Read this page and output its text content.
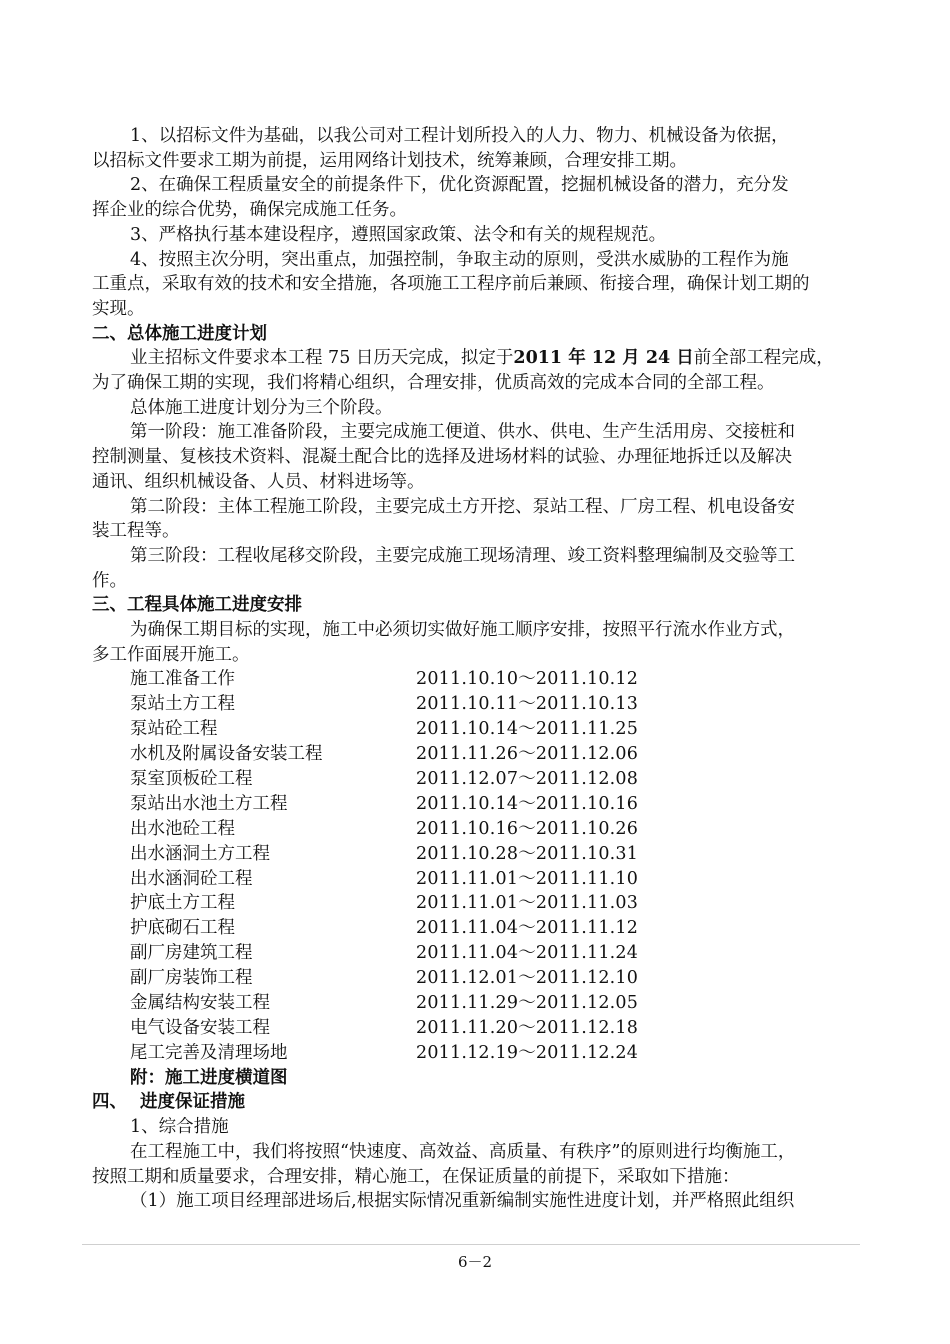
1、以招标文件为基础，以我公司对工程计划所投入的人力、物力、机械设备为依据，

以招标文件要求工期为前提，运用网络计划技术，统筹兼顾，合理安排工期。

2、在确保工程质量安全的前提条件下，优化资源配置，挖掘机械设备的潜力，充分发

挥企业的综合优势，确保完成施工任务。

3、严格执行基本建设程序，遵照国家政策、法令和有关的规程规范。

4、按照主次分明，突出重点，加强控制，争取主动的原则，受洪水威胁的工程作为施

工重点，采取有效的技术和安全措施，各项施工工程序前后兼顾、衔接合理，确保计划工期的

实现。

二、总体施工进度计划

业主招标文件要求本工程 75 日历天完成，拟定于2011 年 12 月 24 日前全部工程完成，

为了确保工期的实现，我们将精心组织，合理安排，优质高效的完成本合同的全部工程。

总体施工进度计划分为三个阶段。

第一阶段：施工准备阶段，主要完成施工便道、供水、供电、生产生活用房、交接桩和

控制测量、复核技术资料、混凝土配合比的选择及进场材料的试验、办理征地拆迁以及解决

通讯、组织机械设备、人员、材料进场等。

第二阶段：主体工程施工阶段，主要完成土方开挖、泵站工程、厂房工程、机电设备安

装工程等。

第三阶段：工程收尾移交阶段，主要完成施工现场清理、竣工资料整理编制及交验等工

作。

三、工程具体施工进度安排

为确保工期目标的实现，施工中必须切实做好施工顺序安排，按照平行流水作业方式，

多工作面展开施工。

施工准备工作	2011.10.10～2011.10.12
泵站土方工程	2011.10.11～2011.10.13
泵站砼工程	2011.10.14～2011.11.25
水机及附属设备安装工程	2011.11.26～2011.12.06
泵室顶板砼工程	2011.12.07～2011.12.08
泵站出水池土方工程	2011.10.14～2011.10.16
出水池砼工程	2011.10.16～2011.10.26
出水涵洞土方工程	2011.10.28～2011.10.31
出水涵洞砼工程	2011.11.01～2011.11.10
护底土方工程	2011.11.01～2011.11.03
护底砌石工程	2011.11.04～2011.11.12
副厂房建筑工程	2011.11.04～2011.11.24
副厂房装饰工程	2011.12.01～2011.12.10
金属结构安装工程	2011.11.29～2011.12.05
电气设备安装工程	2011.11.20～2011.12.18
尾工完善及清理场地	2011.12.19～2011.12.24

附：施工进度横道图

四、 进度保证措施

1、综合措施

在工程施工中，我们将按照“快速度、高效益、高质量、有秩序”的原则进行均衡施工，

按照工期和质量要求，合理安排，精心施工，在保证质量的前提下，采取如下措施：

（1）施工项目经理部进场后,根据实际情况重新编制实施性进度计划，并严格照此组织

6－2
